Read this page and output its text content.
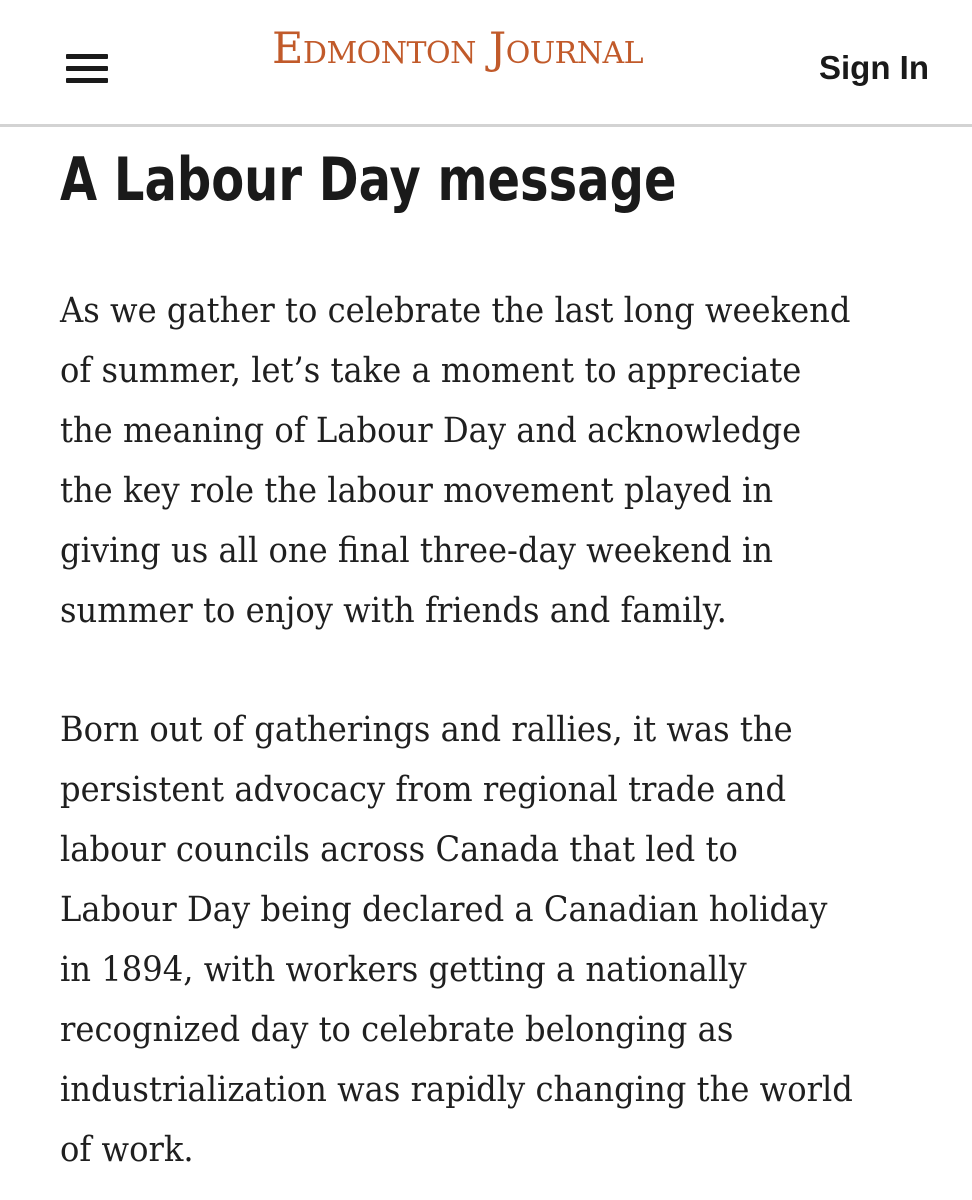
Edmonton Journal	Sign In
A Labour Day message

As we gather to celebrate the last long weekend
of summer, let’s take a moment to appreciate
the meaning of Labour Day and acknowledge
the key role the labour movement played in
giving us all one final three-day weekend in
summer to enjoy with friends and family.

Born out of gatherings and rallies, it was the
persistent advocacy from regional trade and
labour councils across Canada that led to
Labour Day being declared a Canadian holiday
in 1894, with workers getting a nationally
recognized day to celebrate belonging as
industrialization was rapidly changing the world
of work.
